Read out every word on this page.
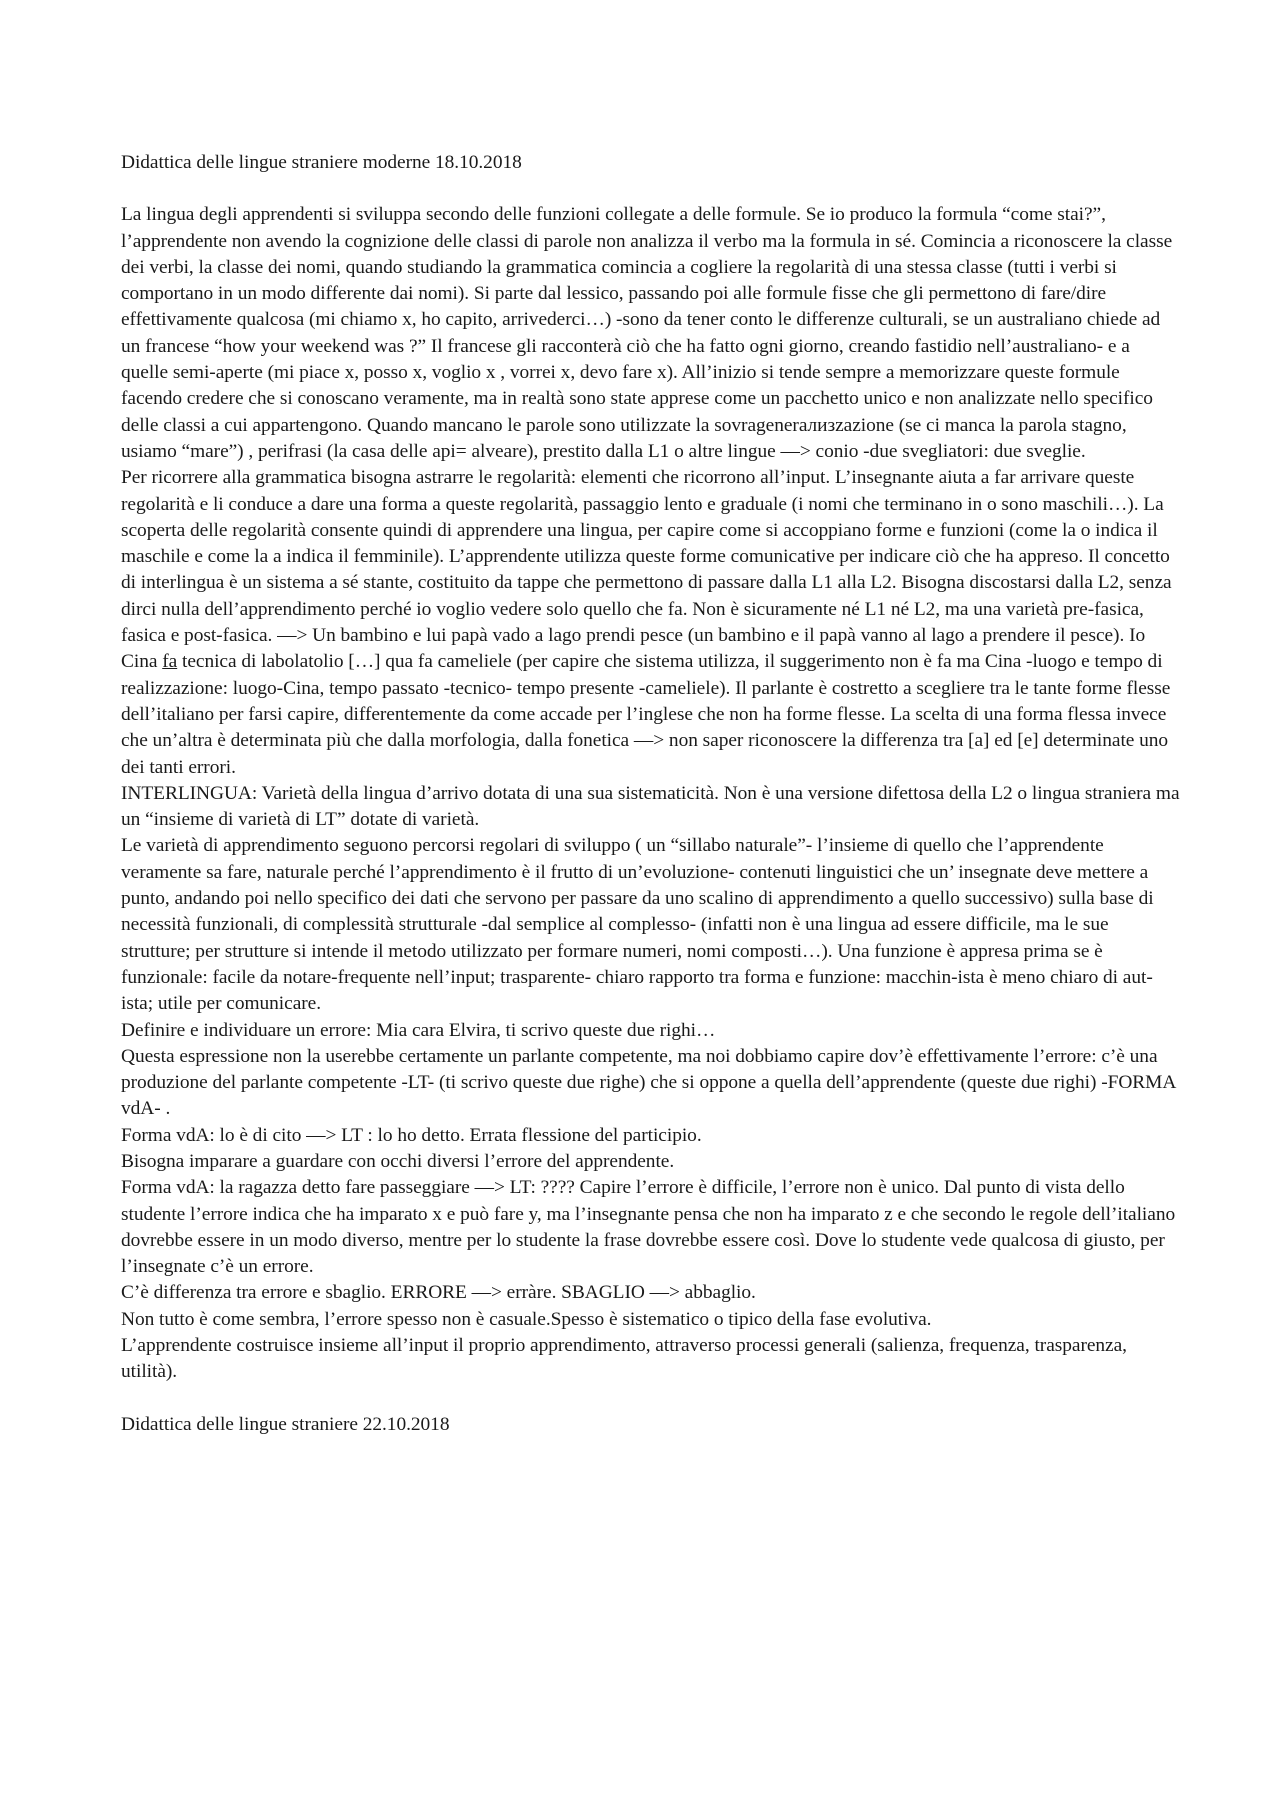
Didattica delle lingue straniere moderne 18.10.2018

La lingua degli apprendenti si sviluppa secondo delle funzioni collegate a delle formule. Se io produco la formula “come stai?”, l’apprendente non avendo la cognizione delle classi di parole non analizza il verbo ma la formula in sé. Comincia a riconoscere la classe dei verbi, la classe dei nomi, quando studiando la grammatica comincia a cogliere la regolarità di una stessa classe (tutti i verbi si comportano in un modo differente dai nomi). Si parte dal lessico, passando poi alle formule fisse che gli permettono di fare/dire effettivamente qualcosa (mi chiamo x, ho capito, arrivederci…) -sono da tener conto le differenze culturali, se un australiano chiede ad un francese “how your weekend was ?” Il francese gli racconterà ciò che ha fatto ogni giorno, creando fastidio nell’australiano- e a quelle semi-aperte (mi piace x, posso x, voglio x , vorrei x, devo fare x). All’inizio si tende sempre a memorizzare queste formule facendo credere che si conoscano veramente, ma in realtà sono state apprese come un pacchetto unico e non analizzate nello specifico delle classi a cui appartengono. Quando mancano le parole sono utilizzate la sovragenerализzazione (se ci manca la parola stagno, usiamo “mare”) , perifrasi (la casa delle api= alveare), prestito dalla L1 o altre lingue —> conio -due svegliatori: due sveglie.

Per ricorrere alla grammatica bisogna astrarre le regolarità: elementi che ricorrono all’input. L’insegnante aiuta a far arrivare queste regolarità e li conduce a dare una forma a queste regolarità, passaggio lento e graduale (i nomi che terminano in o sono maschili…). La scoperta delle regolarità consente quindi di apprendere una lingua, per capire come si accoppiano forme e funzioni (come la o indica il maschile e come la a indica il femminile). L’apprendente utilizza queste forme comunicative per indicare ciò che ha appreso. Il concetto di interlingua è un sistema a sé stante, costituito da tappe che permettono di passare dalla L1 alla L2. Bisogna discostarsi dalla L2, senza dirci nulla dell’apprendimento perché io voglio vedere solo quello che fa. Non è sicuramente né L1 né L2, ma una varietà pre-fasica, fasica e post-fasica. —> Un bambino e lui papà vado a lago prendi pesce (un bambino e il papà vanno al lago a prendere il pesce). Io Cina fa tecnica di labolatolio […] qua fa cameliele (per capire che sistema utilizza, il suggerimento non è fa ma Cina -luogo e tempo di realizzazione: luogo-Cina, tempo passato -tecnico- tempo presente -cameliele). Il parlante è costretto a scegliere tra le tante forme flesse dell’italiano per farsi capire, differentemente da come accade per l’inglese che non ha forme flesse. La scelta di una forma flessa invece che un’altra è determinata più che dalla morfologia, dalla fonetica —> non saper riconoscere la differenza tra [a] ed [e] determinate uno dei tanti errori.

INTERLINGUA: Varietà della lingua d’arrivo dotata di una sua sistematicità. Non è una versione difettosa della L2 o lingua straniera ma un “insieme di varietà di LT” dotate di varietà.

Le varietà di apprendimento seguono percorsi regolari di sviluppo ( un “sillabo naturale”- l’insieme di quello che l’apprendente veramente sa fare, naturale perché l’apprendimento è il frutto di un’evoluzione- contenuti linguistici che un’ insegnate deve mettere a punto, andando poi nello specifico dei dati che servono per passare da uno scalino di apprendimento a quello successivo) sulla base di necessità funzionali, di complessità strutturale -dal semplice al complesso- (infatti non è una lingua ad essere difficile, ma le sue strutture; per strutture si intende il metodo utilizzato per formare numeri, nomi composti…). Una funzione è appresa prima se è funzionale: facile da notare-frequente nell’input; trasparente- chiaro rapporto tra forma e funzione: macchin-ista è meno chiaro di aut-ista; utile per comunicare.

Definire e individuare un errore: Mia cara Elvira, ti scrivo queste due righi…

Questa espressione non la userebbe certamente un parlante competente, ma noi dobbiamo capire dov’è effettivamente l’errore: c’è una produzione del parlante competente -LT- (ti scrivo queste due righe) che si oppone a quella dell’apprendente (queste due righi) -FORMA vdA- .

Forma vdA: lo è di cito —> LT : lo ho detto. Errata flessione del participio.

Bisogna imparare a guardare con occhi diversi l’errore del apprendente.

Forma vdA: la ragazza detto fare passeggiare —> LT: ???? Capire l’errore è difficile, l’errore non è unico. Dal punto di vista dello studente l’errore indica che ha imparato x e può fare y, ma l’insegnante pensa che non ha imparato z e che secondo le regole dell’italiano dovrebbe essere in un modo diverso, mentre per lo studente la frase dovrebbe essere così. Dove lo studente vede qualcosa di giusto, per l’insegnate c’è un errore.

C’è differenza tra errore e sbaglio. ERRORE —> erràre. SBAGLIO —> abbaglio.

Non tutto è come sembra, l’errore spesso non è casuale.Spesso è sistematico o tipico della fase evolutiva.

L’apprendente costruisce insieme all’input il proprio apprendimento, attraverso processi generali (salienza, frequenza, trasparenza, utilità).

Didattica delle lingue straniere 22.10.2018
